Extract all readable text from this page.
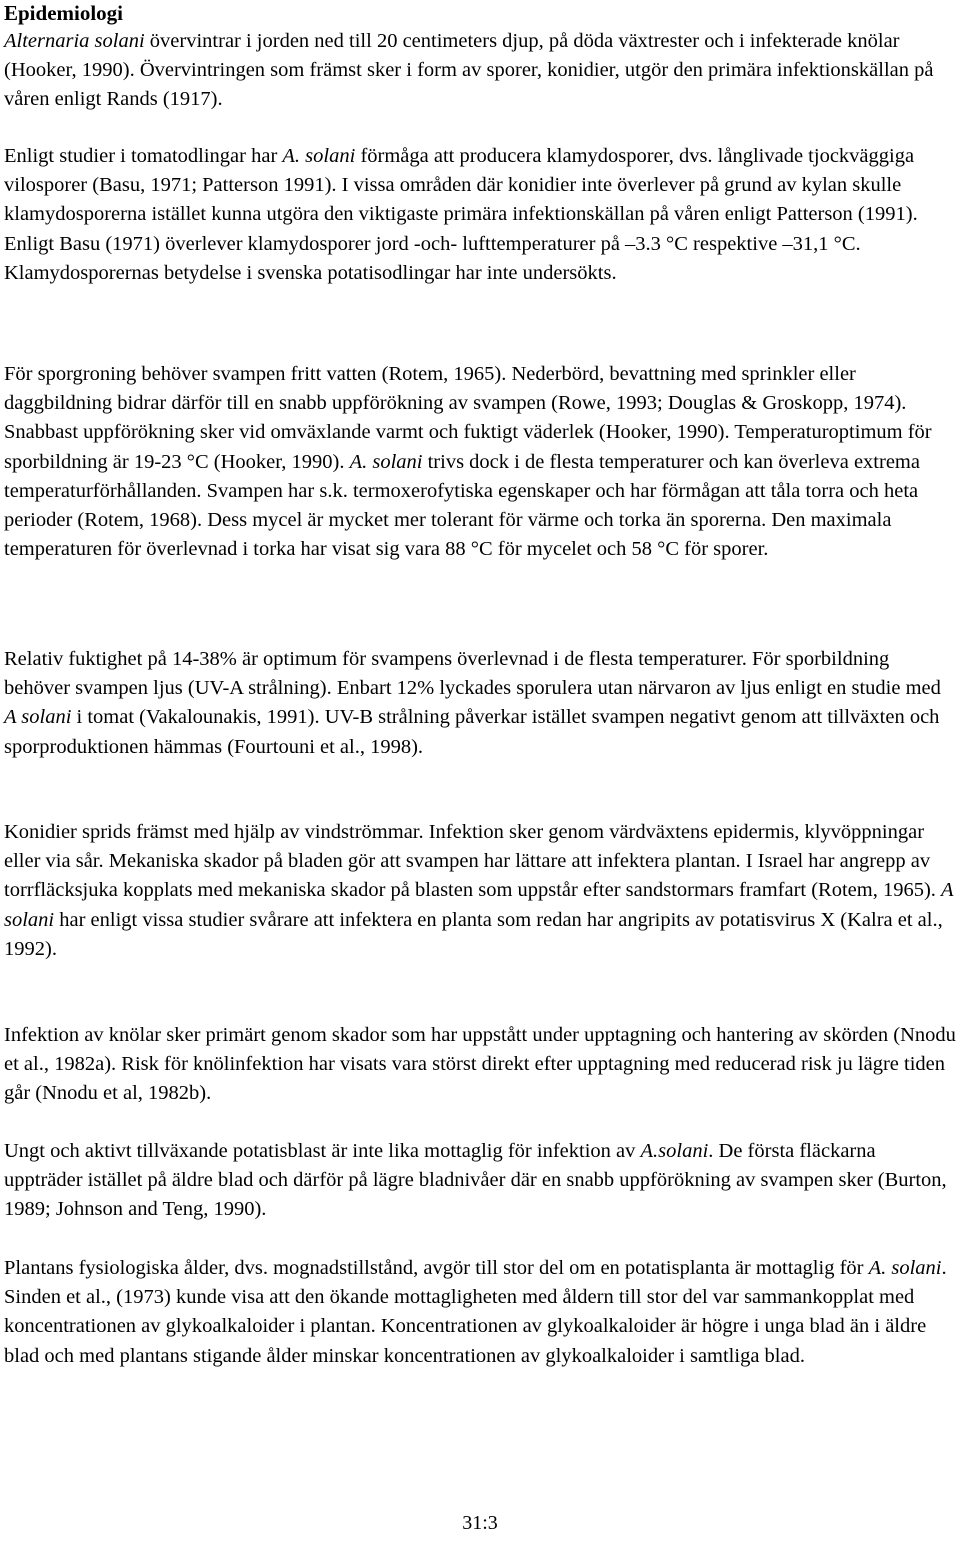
Epidemiologi

Alternaria solani övervintrar i jorden ned till 20 centimeters djup, på döda växtrester och i infekterade knölar (Hooker, 1990). Övervintringen som främst sker i form av sporer, konidier, utgör den primära infektionskällan på våren enligt Rands (1917).

Enligt studier i tomatodlingar har A. solani förmåga att producera klamydosporer, dvs. långlivade tjockväggiga vilosporer (Basu, 1971; Patterson 1991). I vissa områden där konidier inte överlever på grund av kylan skulle klamydosporerna istället kunna utgöra den viktigaste primära infektionskällan på våren enligt Patterson (1991). Enligt Basu (1971) överlever klamydosporer jord -och- lufttemperaturer på –3.3 °C respektive –31,1 °C. Klamydosporernas betydelse i svenska potatisodlingar har inte undersökts.

För sporgroning behöver svampen fritt vatten (Rotem, 1965). Nederbörd, bevattning med sprinkler eller daggbildning bidrar därför till en snabb uppförökning av svampen (Rowe, 1993; Douglas & Groskopp, 1974). Snabbast uppförökning sker vid omväxlande varmt och fuktigt väderlek (Hooker, 1990). Temperaturoptimum för sporbildning är 19-23 °C (Hooker, 1990). A. solani trivs dock i de flesta temperaturer och kan överleva extrema temperaturförhållanden. Svampen har s.k. termoxerofytiska egenskaper och har förmågan att tåla torra och heta perioder (Rotem, 1968). Dess mycel är mycket mer tolerant för värme och torka än sporerna. Den maximala temperaturen för överlevnad i torka har visat sig vara 88 °C för mycelet och 58 °C för sporer.

Relativ fuktighet på 14-38% är optimum för svampens överlevnad i de flesta temperaturer. För sporbildning behöver svampen ljus (UV-A strålning). Enbart 12% lyckades sporulera utan närvaron av ljus enligt en studie med A solani i tomat (Vakalounakis, 1991). UV-B strålning påverkar istället svampen negativt genom att tillväxten och sporproduktionen hämmas (Fourtouni et al., 1998).

Konidier sprids främst med hjälp av vindströmmar. Infektion sker genom värdväxtens epidermis, klyvöppningar eller via sår. Mekaniska skador på bladen gör att svampen har lättare att infektera plantan. I Israel har angrepp av torrfläcksjuka kopplats med mekaniska skador på blasten som uppstår efter sandstormars framfart (Rotem, 1965). A solani har enligt vissa studier svårare att infektera en planta som redan har angripits av potatisvirus X (Kalra et al., 1992).

Infektion av knölar sker primärt genom skador som har uppstått under upptagning och hantering av skörden (Nnodu et al., 1982a). Risk för knölinfektion har visats vara störst direkt efter upptagning med reducerad risk ju lägre tiden går (Nnodu et al, 1982b).

Ungt och aktivt tillväxande potatisblast är inte lika mottaglig för infektion av A.solani. De första fläckarna uppträder istället på äldre blad och därför på lägre bladnivåer där en snabb uppförökning av svampen sker (Burton, 1989; Johnson and Teng, 1990).

Plantans fysiologiska ålder, dvs. mognadstillstånd, avgör till stor del om en potatisplanta är mottaglig för A. solani. Sinden et al., (1973) kunde visa att den ökande mottagligheten med åldern till stor del var sammankopplat med koncentrationen av glykoalkaloider i plantan. Koncentrationen av glykoalkaloider är högre i unga blad än i äldre blad och med plantans stigande ålder minskar koncentrationen av glykoalkaloider i samtliga blad.

31:3
